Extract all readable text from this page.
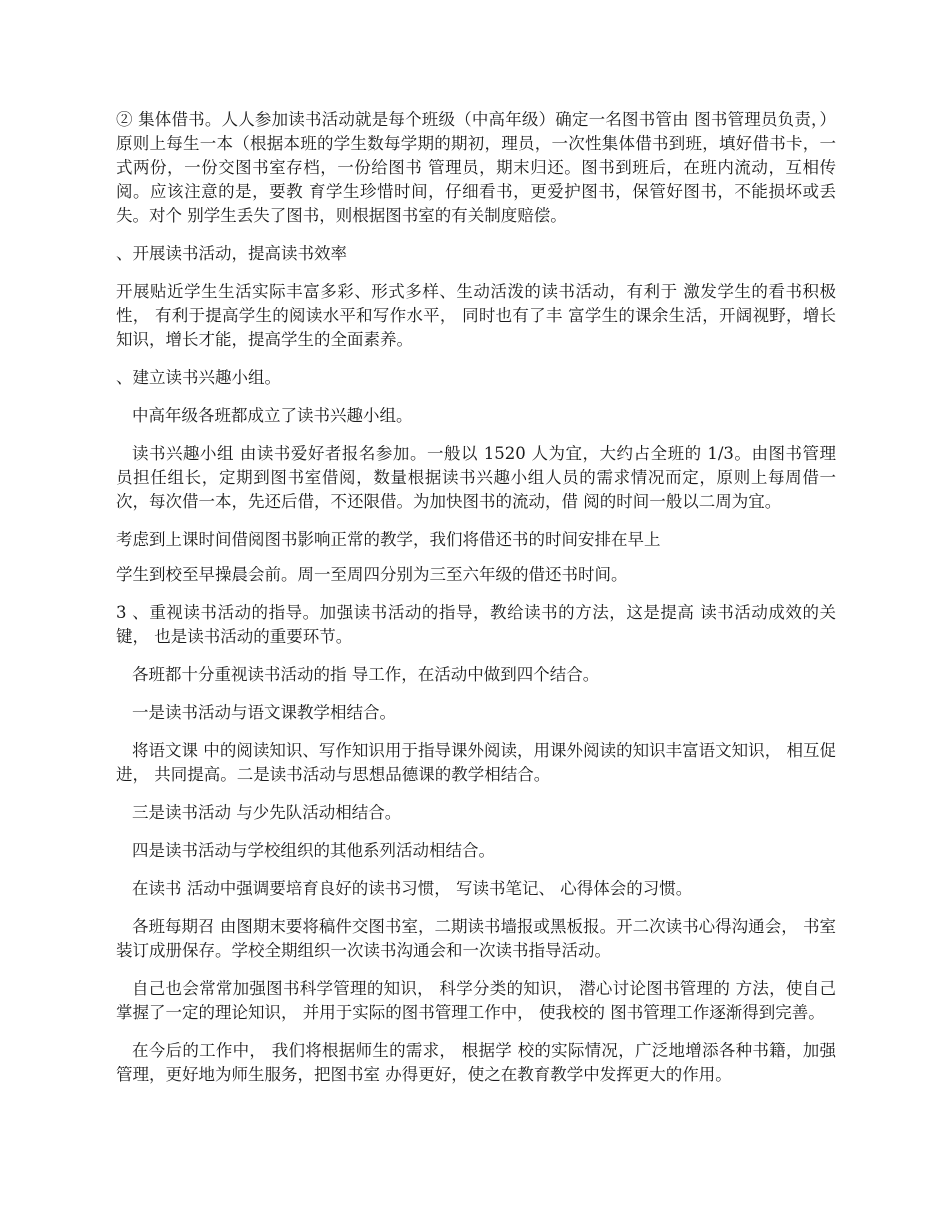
② 集体借书。人人参加读书活动就是每个班级（中高年级）确定一名图书管由 图书管理员负责，）原则上每生一本（根据本班的学生数每学期的期初，理员，一次性集体借书到班，填好借书卡，一式两份，一份交图书室存档，一份给图书 管理员，期末归还。图书到班后，在班内流动，互相传阅。应该注意的是，要教 育学生珍惜时间，仔细看书，更爱护图书，保管好图书，不能损坏或丢失。对个 别学生丢失了图书，则根据图书室的有关制度赔偿。

、开展读书活动，提高读书效率

开展贴近学生生活实际丰富多彩、形式多样、生动活泼的读书活动，有利于 激发学生的看书积极性， 有利于提高学生的阅读水平和写作水平， 同时也有了丰 富学生的课余生活，开阔视野，增长知识，增长才能，提高学生的全面素养。

、建立读书兴趣小组。

中高年级各班都成立了读书兴趣小组。

读书兴趣小组 由读书爱好者报名参加。一般以 1520 人为宜，大约占全班的 1/3。由图书管理 员担任组长，定期到图书室借阅，数量根据读书兴趣小组人员的需求情况而定，原则上每周借一次，每次借一本，先还后借，不还限借。为加快图书的流动，借 阅的时间一般以二周为宜。

考虑到上课时间借阅图书影响正常的教学，我们将借还书的时间安排在早上

学生到校至早操晨会前。周一至周四分别为三至六年级的借还书时间。

3 、重视读书活动的指导。加强读书活动的指导，教给读书的方法，这是提高 读书活动成效的关键， 也是读书活动的重要环节。

各班都十分重视读书活动的指 导工作，在活动中做到四个结合。

一是读书活动与语文课教学相结合。

将语文课 中的阅读知识、写作知识用于指导课外阅读，用课外阅读的知识丰富语文知识， 相互促进， 共同提高。二是读书活动与思想品德课的教学相结合。

三是读书活动 与少先队活动相结合。

四是读书活动与学校组织的其他系列活动相结合。

在读书 活动中强调要培育良好的读书习惯， 写读书笔记、 心得体会的习惯。

各班每期召 由图期末要将稿件交图书室，二期读书墙报或黑板报。开二次读书心得沟通会， 书室装订成册保存。学校全期组织一次读书沟通会和一次读书指导活动。

自己也会常常加强图书科学管理的知识， 科学分类的知识， 潜心讨论图书管理的 方法，使自己掌握了一定的理论知识， 并用于实际的图书管理工作中， 使我校的 图书管理工作逐渐得到完善。

在今后的工作中， 我们将根据师生的需求， 根据学 校的实际情况，广泛地增添各种书籍，加强管理，更好地为师生服务，把图书室 办得更好，使之在教育教学中发挥更大的作用。
